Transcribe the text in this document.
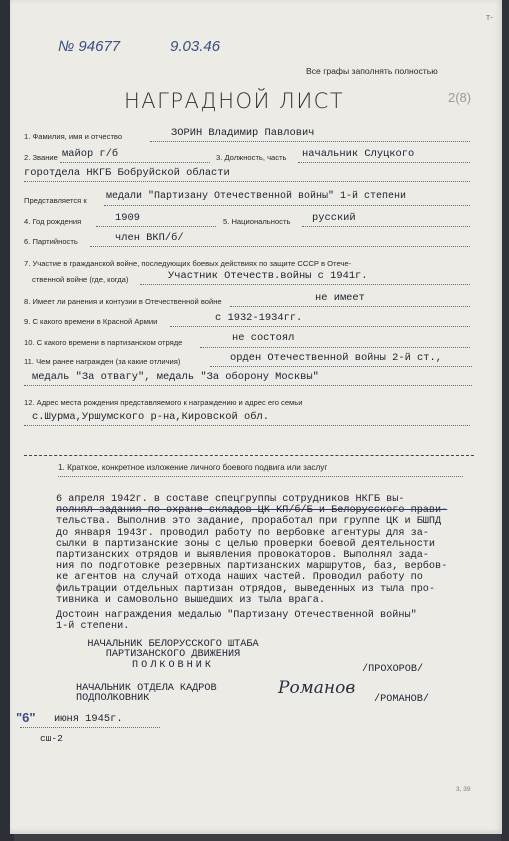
№ 94677	9.03.46
т-
Все графы заполнять полностью
НАГРАДНОЙ ЛИСТ	2(8)
1. Фамилия, имя и отчество	ЗОРИН Владимир Павлович
2. Звание майор г/б	3. Должность, часть начальник Слуцкого
горотдела НКГБ Бобруйской области
Представляется к медали "Партизану Отечественной войны" 1-й степени
4. Год рождения	1909	5. Национальность русский
6. Партийность	член ВКП/б/
7. Участие в гражданской войне, последующих боевых действиях по защите СССР в Отече-
ственной войне (где, когда)	Участник Отечеств.войны с 1941г.
8. Имеет ли ранения и контузии в Отечественной войне	не имеет
9. С какого времени в Красной Армии	с 1932-1934гг.
10. С какого времени в партизанском отряде	не состоял
11. Чем ранее награжден (за какие отличия)	орден Отечественной войны 2-й ст.,
медаль "За отвагу", медаль "За оборону Москвы"
12. Адрес места рождения представляемого к награждению и адрес его семьи
с.Шурма,Уршумского р-на,Кировской обл.
1. Краткое, конкретное изложение личного боевого подвига или заслуг
6 апреля 1942г. в составе спецгруппы сотрудников НКГБ вы-
полнял задания по охране складов ЦК КП/б/Б и Белорусского прави-
тельства. Выполнив это задание, проработал при группе ЦК и БШПД
до января 1943г. проводил работу по вербовке агентуры для за-
сылки в партизанские зоны с целью проверки боевой деятельности
партизанских отрядов и выявления провокаторов. Выполнял зада-
ния по подготовке резервных партизанских маршрутов, баз, вербов-
ке агентов на случай отхода наших частей. Проводил работу по
фильтрации отдельных партизан отрядов, выведенных из тыла про-
тивника и самовольно вышедших из тыла врага.
Достоин награждения медалью "Партизану Отечественной войны"
1-й степени.
НАЧАЛЬНИК БЕЛОРУССКОГО ШТАБА
ПАРТИЗАНСКОГО ДВИЖЕНИЯ
ПОЛКОВНИК	/ПРОХОРОВ/
НАЧАЛЬНИК ОТДЕЛА КАДРОВ
ПОДПОЛКОВНИК
Романов
/РОМАНОВ/
"6" июня 1945г.
сш-2
3, 39
